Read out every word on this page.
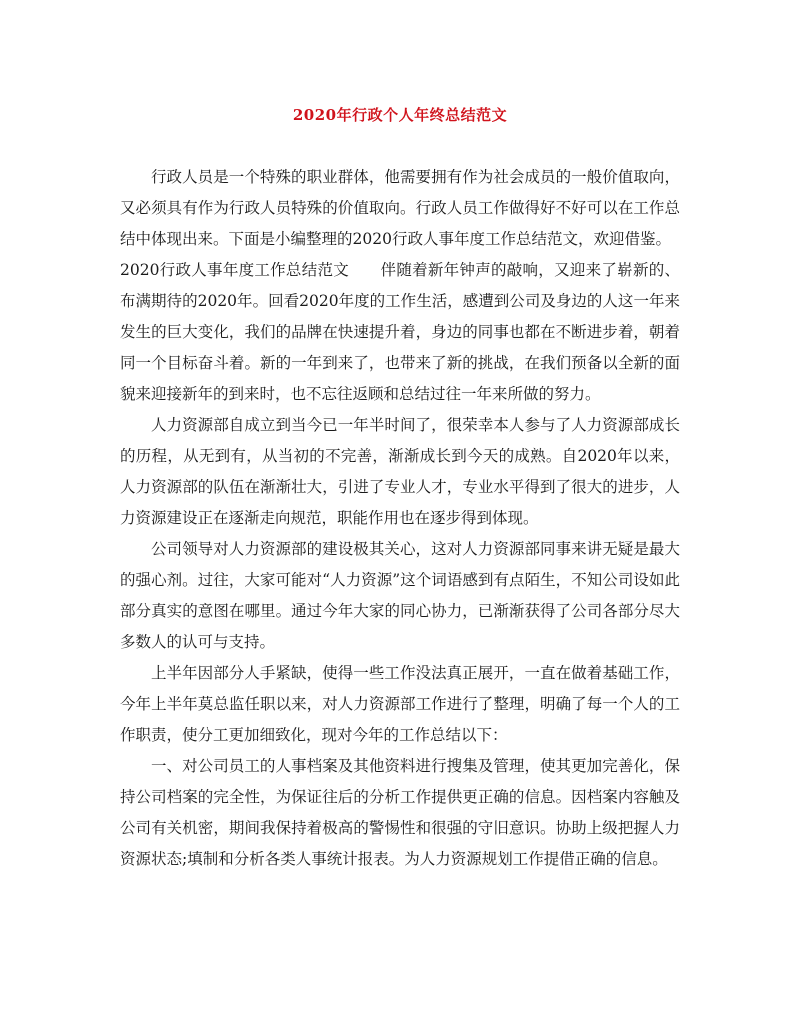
2020年行政个人年终总结范文

行政人员是一个特殊的职业群体，他需要拥有作为社会成员的一般价值取向，又必须具有作为行政人员特殊的价值取向。行政人员工作做得好不好可以在工作总结中体现出来。下面是小编整理的2020行政人事年度工作总结范文，欢迎借鉴。

2020行政人事年度工作总结范文　　伴随着新年钟声的敲响，又迎来了崭新的、布满期待的2020年。回看2020年度的工作生活，感遭到公司及身边的人这一年来发生的巨大变化，我们的品牌在快速提升着，身边的同事也都在不断进步着，朝着同一个目标奋斗着。新的一年到来了，也带来了新的挑战，在我们预备以全新的面貌来迎接新年的到来时，也不忘往返顾和总结过往一年来所做的努力。

人力资源部自成立到当今已一年半时间了，很荣幸本人参与了人力资源部成长的历程，从无到有，从当初的不完善，渐渐成长到今天的成熟。自2020年以来，人力资源部的队伍在渐渐壮大，引进了专业人才，专业水平得到了很大的进步，人力资源建设正在逐渐走向规范，职能作用也在逐步得到体现。

公司领导对人力资源部的建设极其关心，这对人力资源部同事来讲无疑是最大的强心剂。过往，大家可能对“人力资源”这个词语感到有点陌生，不知公司设如此部分真实的意图在哪里。通过今年大家的同心协力，已渐渐获得了公司各部分尽大多数人的认可与支持。

上半年因部分人手紧缺，使得一些工作没法真正展开，一直在做着基础工作，今年上半年莫总监任职以来，对人力资源部工作进行了整理，明确了每一个人的工作职责，使分工更加细致化，现对今年的工作总结以下：

一、对公司员工的人事档案及其他资料进行搜集及管理，使其更加完善化，保持公司档案的完全性，为保证往后的分析工作提供更正确的信息。因档案内容触及公司有关机密，期间我保持着极高的警惕性和很强的守旧意识。协助上级把握人力资源状态;填制和分析各类人事统计报表。为人力资源规划工作提借正确的信息。
